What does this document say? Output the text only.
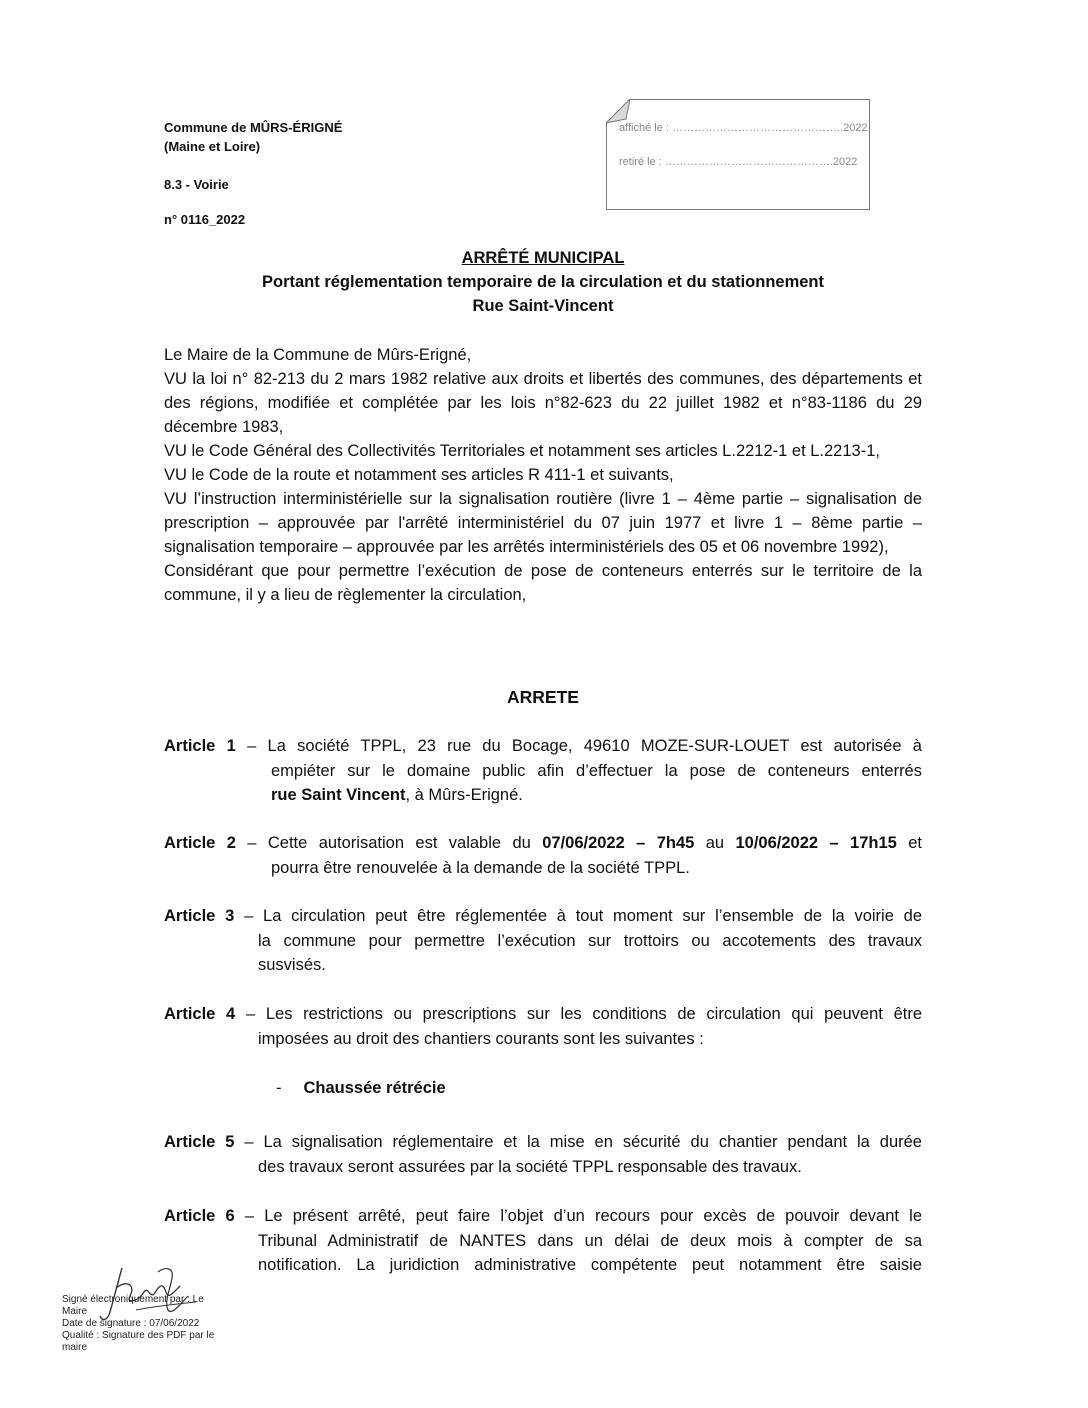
Commune de MÛRS-ÉRIGNÉ
(Maine et Loire)
8.3 - Voirie
n° 0116_2022
affiché le : ………………………………………..2022
retiré le : ……………………………………….2022
ARRÊTÉ MUNICIPAL
Portant réglementation temporaire de la circulation et du stationnement
Rue Saint-Vincent

Le Maire de la Commune de Mûrs-Erigné,

VU la loi n° 82-213 du 2 mars 1982 relative aux droits et libertés des communes, des départements et des régions, modifiée et complétée par les lois n°82-623 du 22 juillet 1982 et n°83-1186 du 29 décembre 1983,

VU le Code Général des Collectivités Territoriales et notamment ses articles L.2212-1 et L.2213-1,

VU le Code de la route et notamment ses articles R 411-1 et suivants,

VU l’instruction interministérielle sur la signalisation routière (livre 1 – 4ème partie – signalisation de prescription – approuvée par l'arrêté interministériel du 07 juin 1977 et livre 1 – 8ème partie – signalisation temporaire – approuvée par les arrêtés interministériels des 05 et 06 novembre 1992),

Considérant que pour permettre l’exécution de pose de conteneurs enterrés sur le territoire de la commune, il y a lieu de règlementer la circulation,

ARRETE
Article 1 – La société TPPL, 23 rue du Bocage, 49610 MOZE-SUR-LOUET est autorisée à
empiéter sur le domaine public afin d’effectuer la pose de conteneurs enterrés
rue Saint Vincent, à Mûrs-Erigné.
Article 2 – Cette autorisation est valable du 07/06/2022 – 7h45 au 10/06/2022 – 17h15 et
pourra être renouvelée à la demande de la société TPPL.
Article 3 – La circulation peut être réglementée à tout moment sur l’ensemble de la voirie de
la commune pour permettre l’exécution sur trottoirs ou accotements des travaux
susvisés.
Article 4 – Les restrictions ou prescriptions sur les conditions de circulation qui peuvent être
imposées au droit des chantiers courants sont les suivantes :
- Chaussée rétrécie
Article 5 – La signalisation réglementaire et la mise en sécurité du chantier pendant la durée
des travaux seront assurées par la société TPPL responsable des travaux.
Article 6 – Le présent arrêté, peut faire l’objet d’un recours pour excès de pouvoir devant le
Tribunal Administratif de NANTES dans un délai de deux mois à compter de sa
notification. La juridiction administrative compétente peut notamment être saisie
Signé électroniquement par : Le
Maire
Date de signature : 07/06/2022
Qualité : Signature des PDF par le
maire
